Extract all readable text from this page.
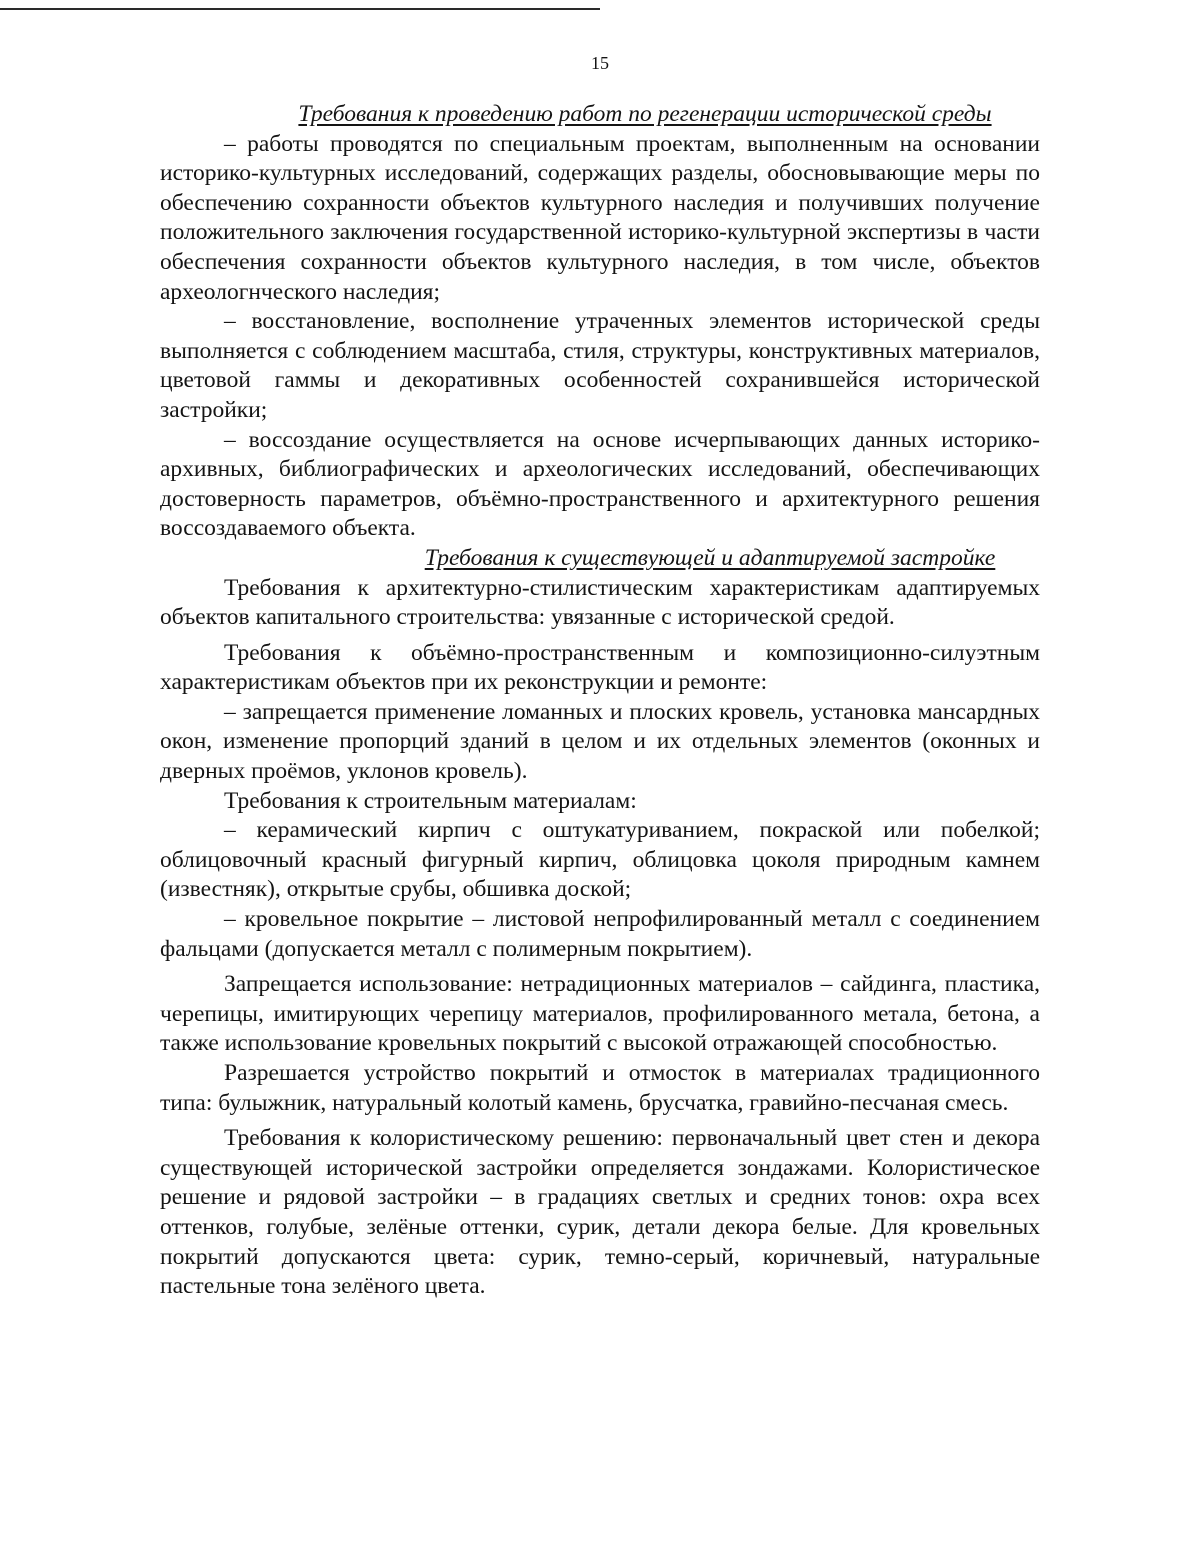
15

Требования к проведению работ по регенерации исторической среды

– работы проводятся по специальным проектам, выполненным на основании историко-культурных исследований, содержащих разделы, обосновывающие меры по обеспечению сохранности объектов культурного наследия и получивших получение положительного заключения государственной историко-культурной экспертизы в части обеспечения сохранности объектов культурного наследия, в том числе, объектов археологнческого наследия;

– восстановление, восполнение утраченных элементов исторической среды выполняется с соблюдением масштаба, стиля, структуры, конструктивных материалов, цветовой гаммы и декоративных особенностей сохранившейся исторической застройки;

– воссоздание осуществляется на основе исчерпывающих данных историко-архивных, библиографических и археологических исследований, обеспечивающих достоверность параметров, объёмно-пространственного и архитектурного решения воссоздаваемого объекта.

Требования к существующей и адаптируемой застройке

Требования к архитектурно-стилистическим характеристикам адаптируемых объектов капитального строительства: увязанные с исторической средой.

Требования к объёмно-пространственным и композиционно-силуэтным характеристикам объектов при их реконструкции и ремонте:

– запрещается применение ломанных и плоских кровель, установка мансардных окон, изменение пропорций зданий в целом и их отдельных элементов (оконных и дверных проёмов, уклонов кровель).

Требования к строительным материалам:

– керамический кирпич с оштукатуриванием, покраской или побелкой; облицовочный красный фигурный кирпич, облицовка цоколя природным камнем (известняк), открытые срубы, обшивка доской;

– кровельное покрытие – листовой непрофилированный металл с соединением фальцами (допускается металл с полимерным покрытием).

Запрещается использование: нетрадиционных материалов – сайдинга, пластика, черепицы, имитирующих черепицу материалов, профилированного метала, бетона, а также использование кровельных покрытий с высокой отражающей способностью.

Разрешается устройство покрытий и отмосток в материалах традиционного типа: булыжник, натуральный колотый камень, брусчатка, гравийно-песчаная смесь.

Требования к колористическому решению: первоначальный цвет стен и декора существующей исторической застройки определяется зондажами. Колористическое решение и рядовой застройки – в градациях светлых и средних тонов: охра всех оттенков, голубые, зелёные оттенки, сурик, детали декора белые. Для кровельных покрытий допускаются цвета: сурик, темно-серый, коричневый, натуральные пастельные тона зелёного цвета.
